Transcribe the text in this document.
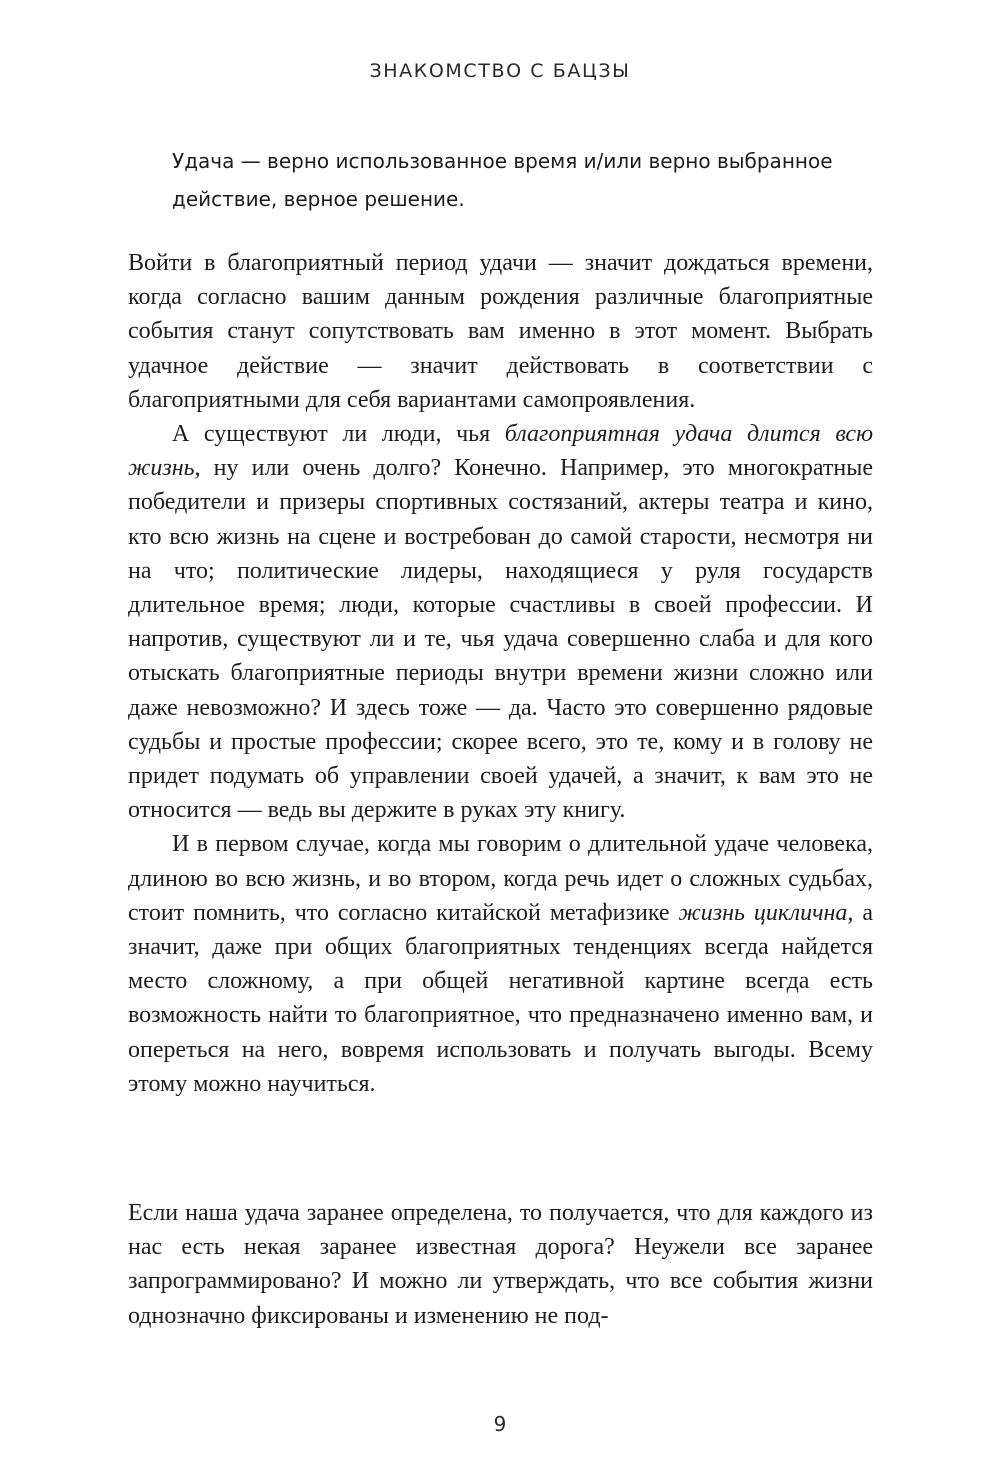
ЗНАКОМСТВО С БАЦЗЫ

Удача — верно использованное время и/или верно выбранное действие, верное решение.

Войти в благоприятный период удачи — значит дождаться времени, когда согласно вашим данным рождения различные благоприятные события станут сопутствовать вам именно в этот момент. Выбрать удачное действие — значит действовать в соответствии с благоприятными для себя вариантами самопроявления.

А существуют ли люди, чья благоприятная удача длится всю жизнь, ну или очень долго? Конечно. Например, это многократные победители и призеры спортивных состязаний, актеры театра и кино, кто всю жизнь на сцене и востребован до самой старости, несмотря ни на что; политические лидеры, находящиеся у руля государств длительное время; люди, которые счастливы в своей профессии. И напротив, существуют ли и те, чья удача совершенно слаба и для кого отыскать благоприятные периоды внутри времени жизни сложно или даже невозможно? И здесь тоже — да. Часто это совершенно рядовые судьбы и простые профессии; скорее всего, это те, кому и в голову не придет подумать об управлении своей удачей, а значит, к вам это не относится — ведь вы держите в руках эту книгу.

И в первом случае, когда мы говорим о длительной удаче человека, длиною во всю жизнь, и во втором, когда речь идет о сложных судьбах, стоит помнить, что согласно китайской метафизике жизнь циклична, а значит, даже при общих благоприятных тенденциях всегда найдется место сложному, а при общей негативной картине всегда есть возможность найти то благоприятное, что предназначено именно вам, и опереться на него, вовремя использовать и получать выгоды. Всему этому можно научиться.

Если наша удача заранее определена, то получается, что для каждого из нас есть некая заранее известная дорога? Неужели все заранее запрограммировано? И можно ли утверждать, что все события жизни однозначно фиксированы и изменению не под-

9
